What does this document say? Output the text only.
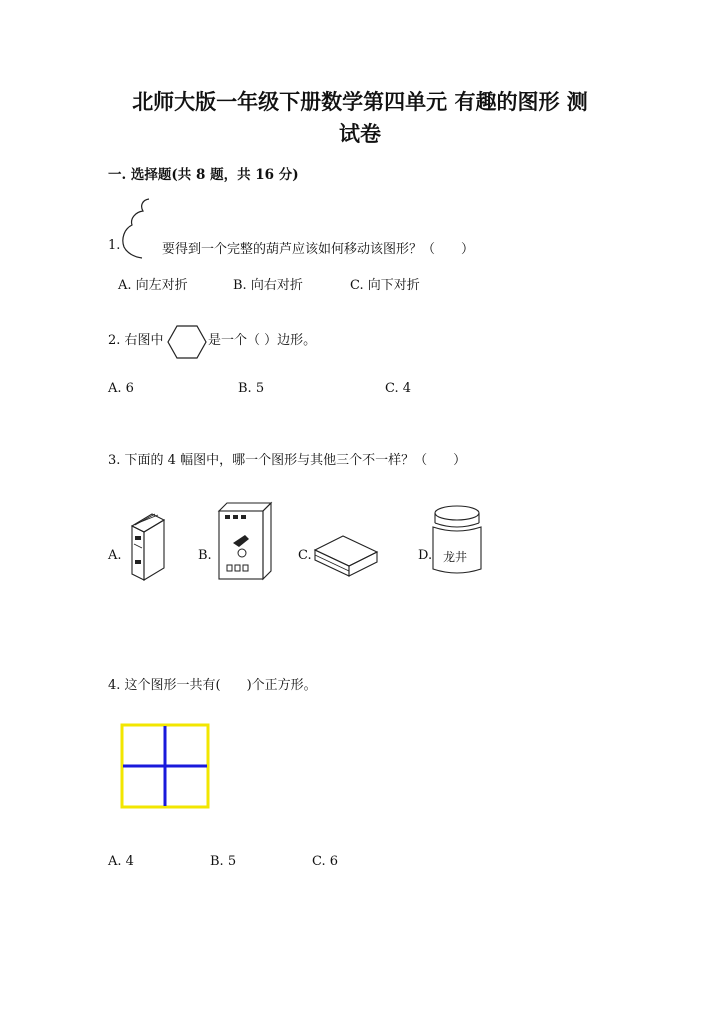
北师大版一年级下册数学第四单元 有趣的图形 测
试卷
一. 选择题(共 8 题，共 16 分)
1.	要得到一个完整的葫芦应该如何移动该图形？（　　）
A. 向左对折	B. 向右对折	C. 向下对折
2. 右图中	是一个（ ）边形。
A. 6	B. 5	C. 4
3. 下面的 4 幅图中，哪一个图形与其他三个不一样？（　　）
A.	B.	C.	D. 龙井
4. 这个图形一共有(　　)个正方形。
A. 4	B. 5	C. 6
